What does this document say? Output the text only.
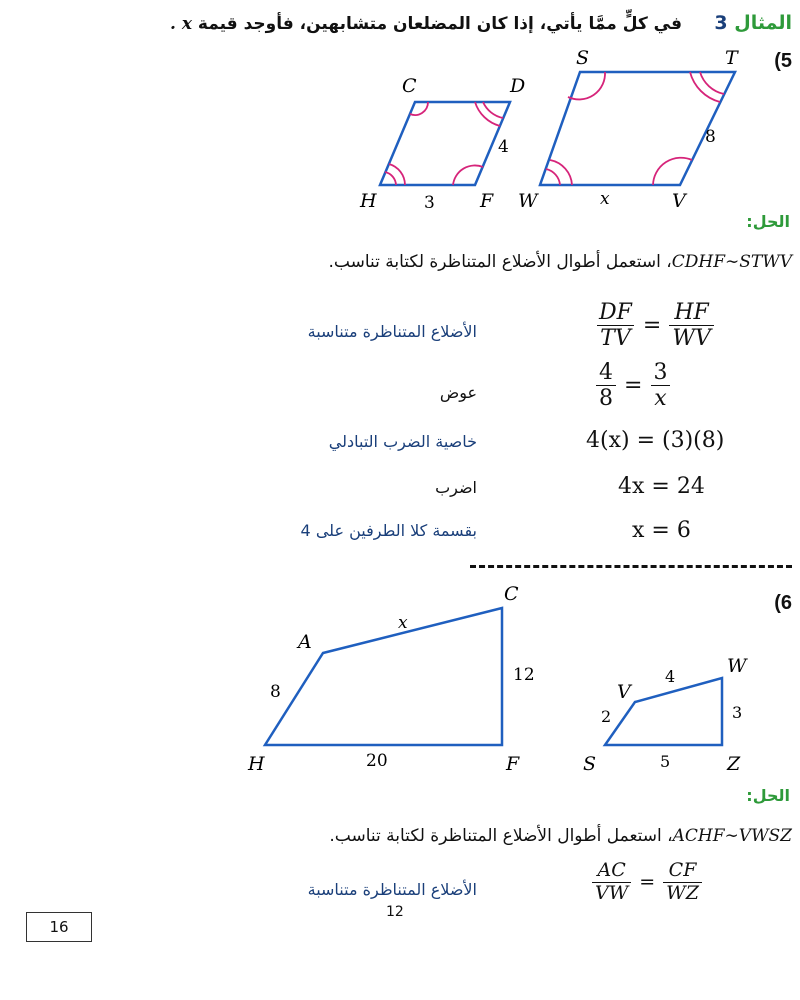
المثال 3
في كلٍّ ممَّا يأتي، إذا كان المضلعان متشابهين، فأوجد قيمة x .
(5
C	D
H	F
4
3
S	T
W	V
8
x
الحل:
CDHF∼STWV، استعمل أطوال الأضلاع المتناظرة لكتابة تناسب.
الأضلاع المتناظرة متناسبة	$\frac{DF}{TV} = \frac{HF}{WV}$
عوض	$\frac{4}{8} = \frac{3}{x}$
خاصية الضرب التبادلي	4(x) = (3)(8)
اضرب	4x = 24
بقسمة كلا الطرفين على 4	x = 6
(6
C
A
H	F
x
8
12
20
W
V
S	Z
4
2	3
5
الحل:
ACHF∼VWSZ، استعمل أطوال الأضلاع المتناظرة لكتابة تناسب.
الأضلاع المتناظرة متناسبة	$\frac{AC}{VW} = \frac{CF}{WZ}$
16
12
